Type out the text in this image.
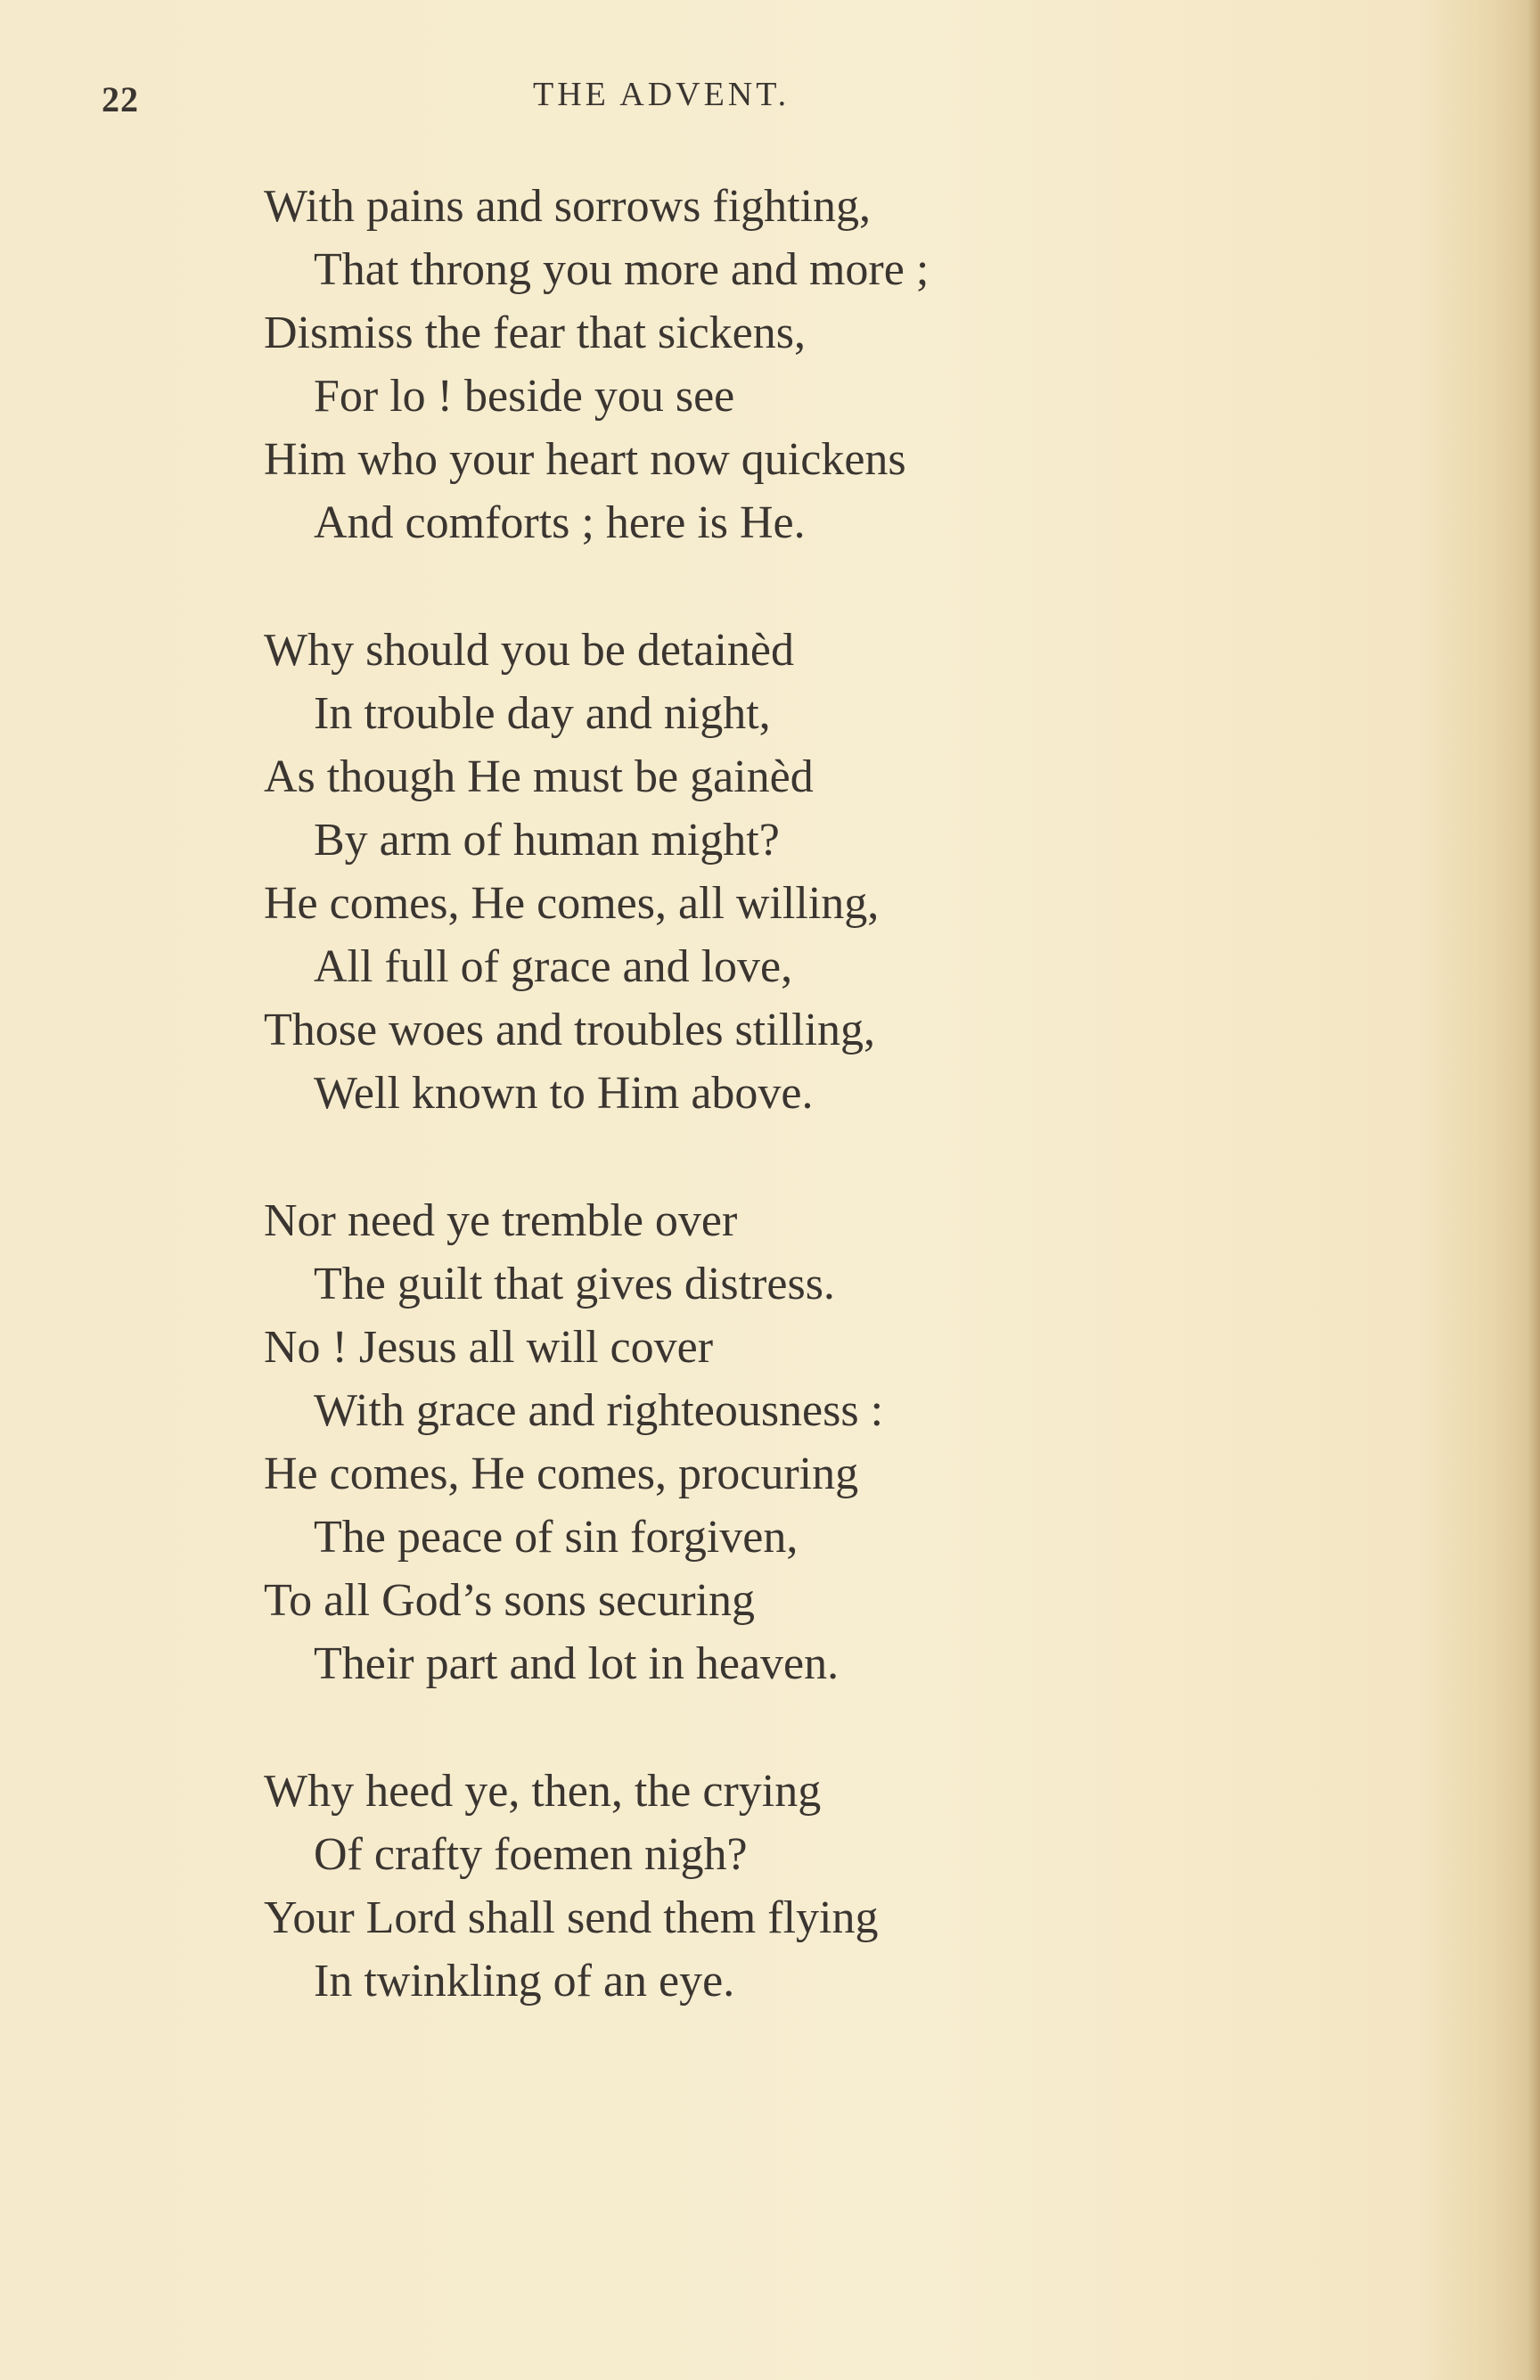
22	THE ADVENT.
With pains and sorrows fighting,
That throng you more and more ;
Dismiss the fear that sickens,
For lo ! beside you see
Him who your heart now quickens
And comforts ; here is He.
Why should you be detainèd
In trouble day and night,
As though He must be gainèd
By arm of human might?
He comes, He comes, all willing,
All full of grace and love,
Those woes and troubles stilling,
Well known to Him above.
Nor need ye tremble over
The guilt that gives distress.
No ! Jesus all will cover
With grace and righteousness :
He comes, He comes, procuring
The peace of sin forgiven,
To all God’s sons securing
Their part and lot in heaven.
Why heed ye, then, the crying
Of crafty foemen nigh?
Your Lord shall send them flying
In twinkling of an eye.
